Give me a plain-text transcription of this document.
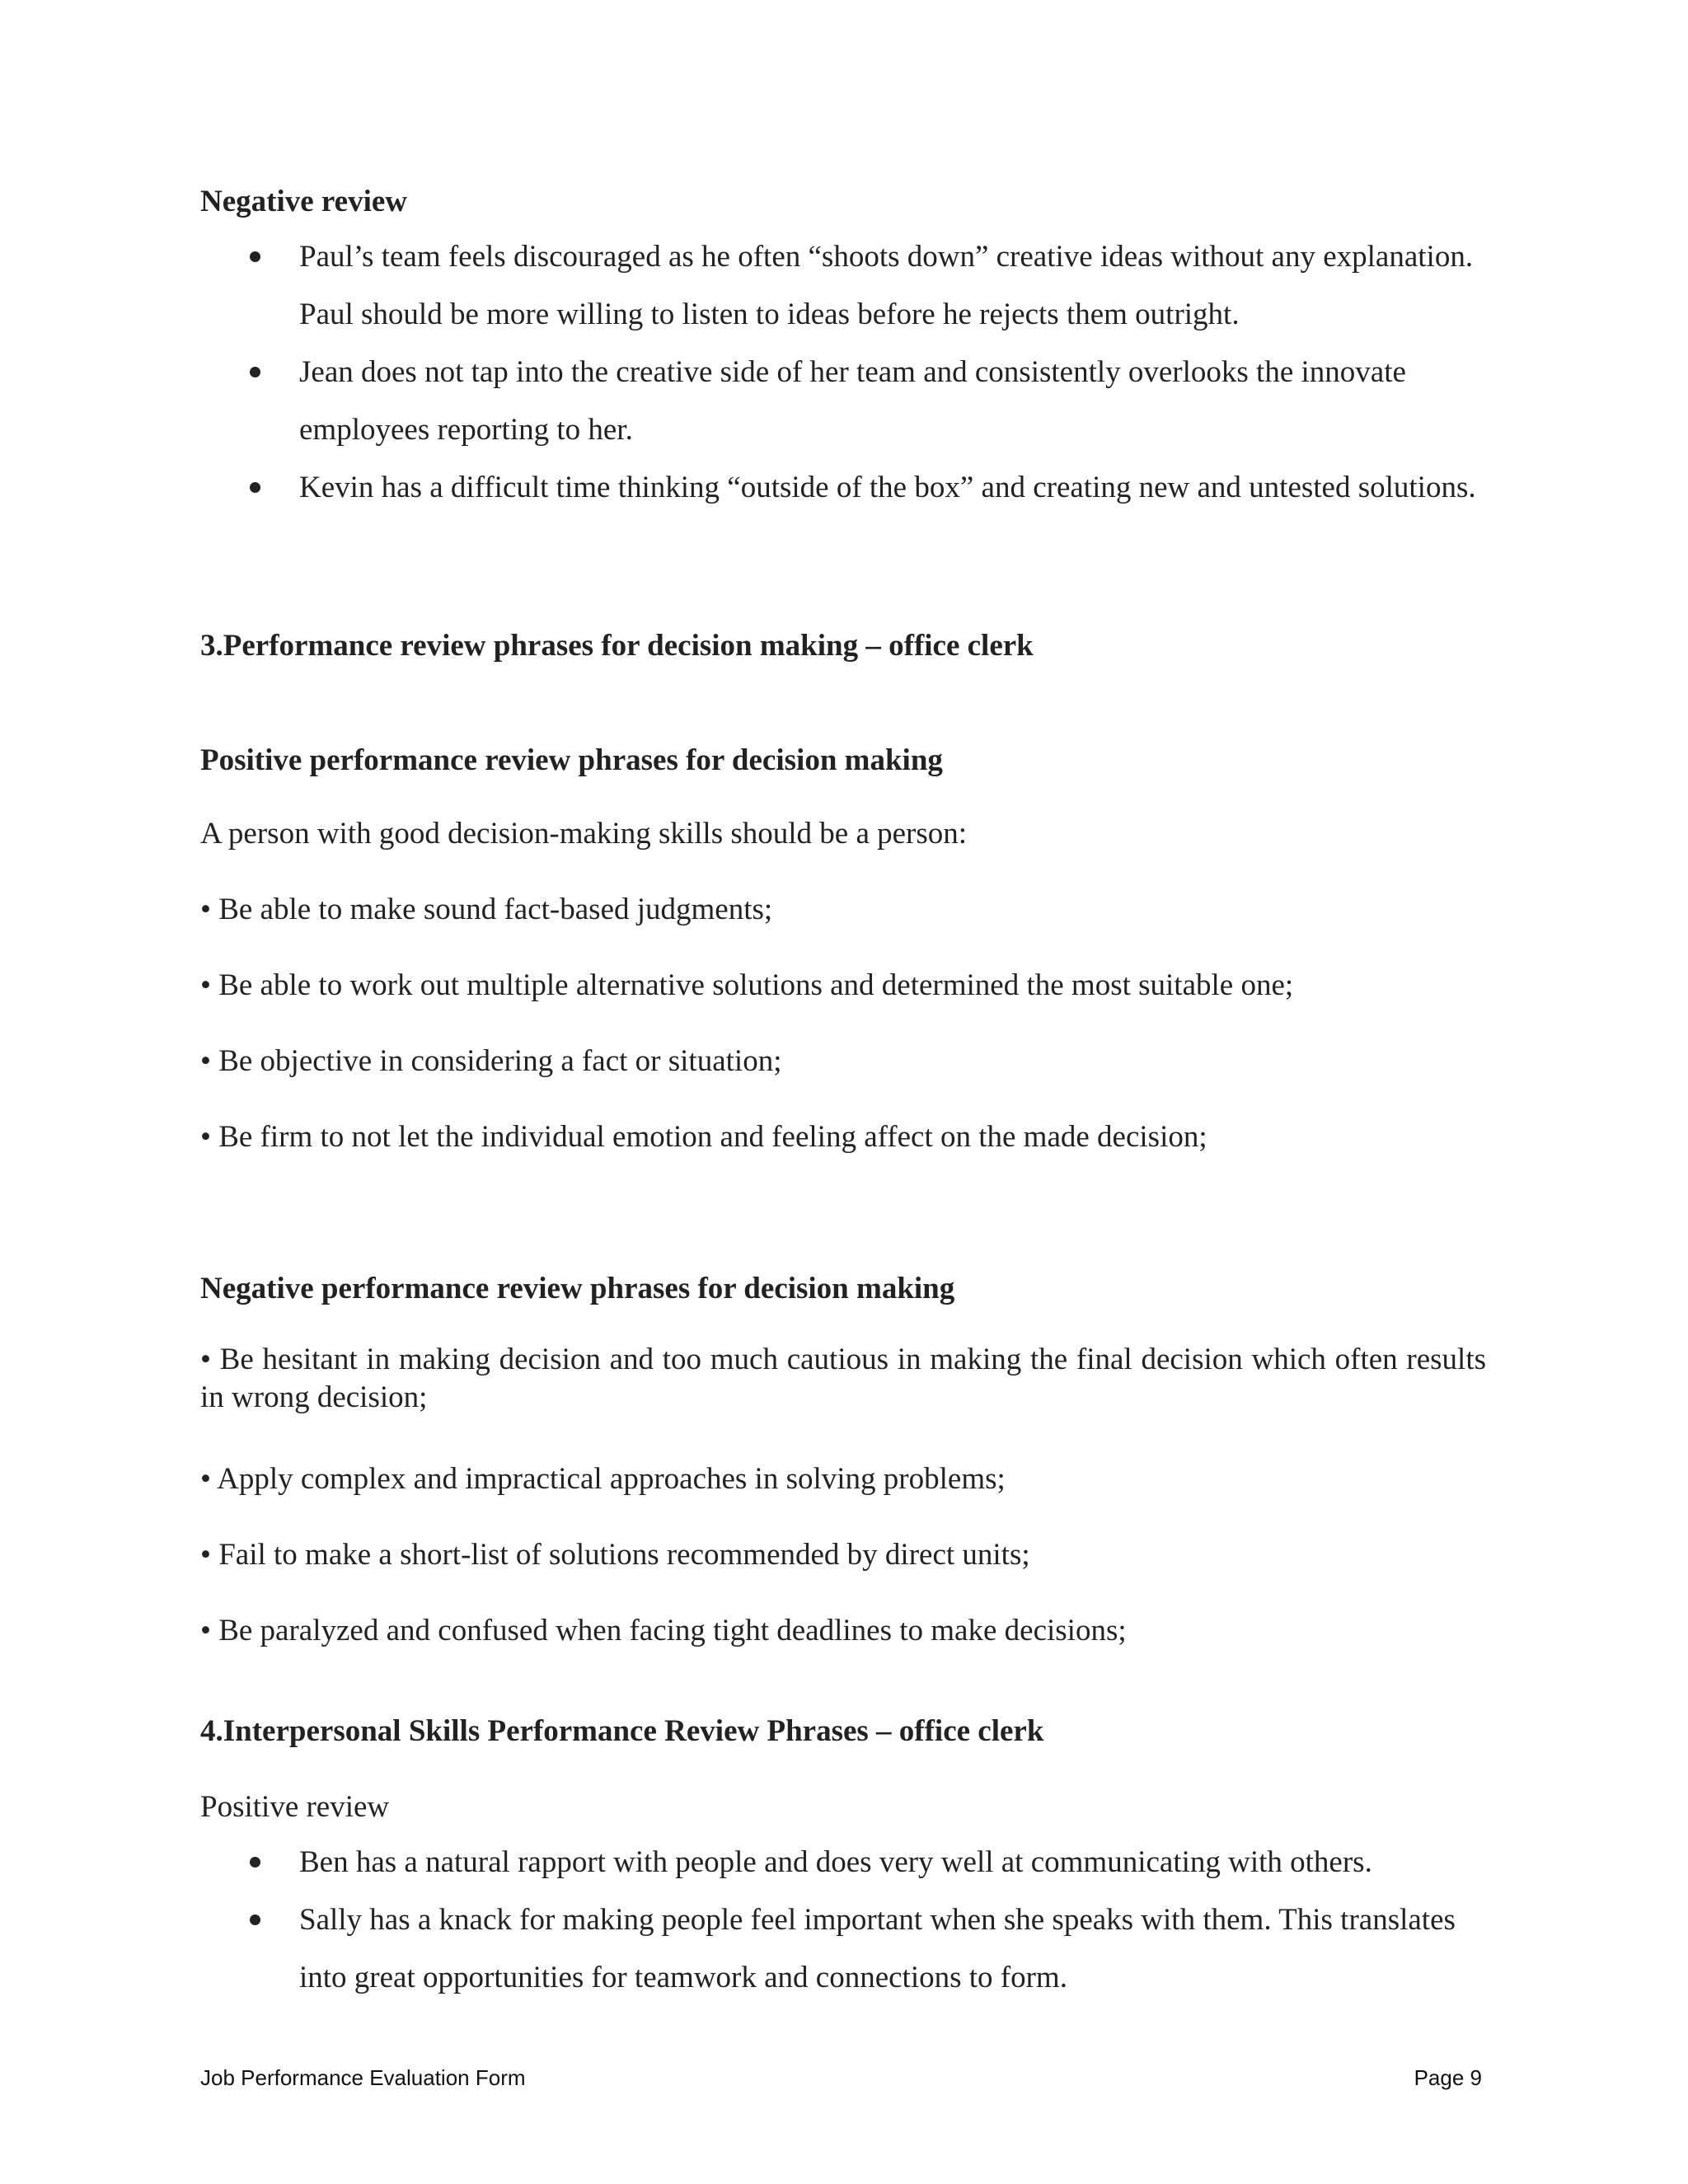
Negative review
Paul’s team feels discouraged as he often “shoots down” creative ideas without any explanation. Paul should be more willing to listen to ideas before he rejects them outright.
Jean does not tap into the creative side of her team and consistently overlooks the innovate employees reporting to her.
Kevin has a difficult time thinking “outside of the box” and creating new and untested solutions.
3.Performance review phrases for decision making – office clerk
Positive performance review phrases for decision making
A person with good decision-making skills should be a person:
• Be able to make sound fact-based judgments;
• Be able to work out multiple alternative solutions and determined the most suitable one;
• Be objective in considering a fact or situation;
• Be firm to not let the individual emotion and feeling affect on the made decision;
Negative performance review phrases for decision making
• Be hesitant in making decision and too much cautious in making the final decision which often results in wrong decision;
• Apply complex and impractical approaches in solving problems;
• Fail to make a short-list of solutions recommended by direct units;
• Be paralyzed and confused when facing tight deadlines to make decisions;
4.Interpersonal Skills Performance Review Phrases – office clerk
Positive review
Ben has a natural rapport with people and does very well at communicating with others.
Sally has a knack for making people feel important when she speaks with them. This translates into great opportunities for teamwork and connections to form.
Job Performance Evaluation Form	Page 9
